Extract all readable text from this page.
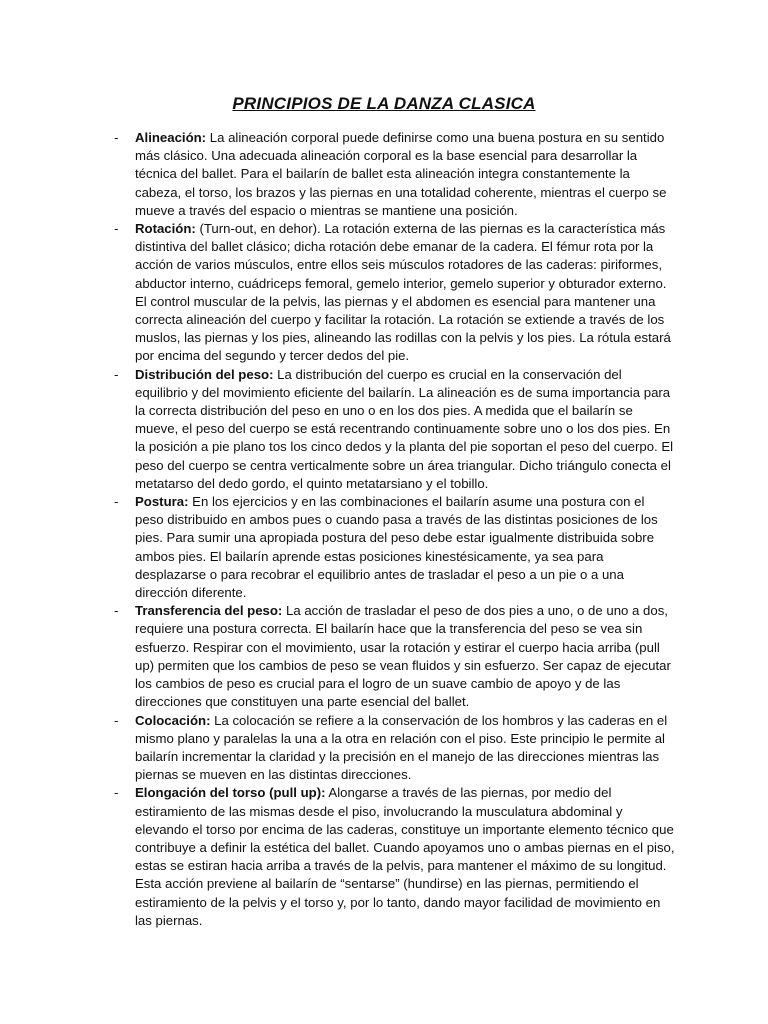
PRINCIPIOS DE LA DANZA CLASICA
- Alineación: La alineación corporal puede definirse como una buena postura en su sentido más clásico. Una adecuada alineación corporal es la base esencial para desarrollar la técnica del ballet. Para el bailarín de ballet esta alineación integra constantemente la cabeza, el torso, los brazos y las piernas en una totalidad coherente, mientras el cuerpo se mueve a través del espacio o mientras se mantiene una posición.
- Rotación: (Turn-out, en dehor). La rotación externa de las piernas es la característica más distintiva del ballet clásico; dicha rotación debe emanar de la cadera. El fémur rota por la acción de varios músculos, entre ellos seis músculos rotadores de las caderas: piriformes, abductor interno, cuádriceps femoral, gemelo interior, gemelo superior y obturador externo. El control muscular de la pelvis, las piernas y el abdomen es esencial para mantener una correcta alineación del cuerpo y facilitar la rotación. La rotación se extiende a través de los muslos, las piernas y los pies, alineando las rodillas con la pelvis y los pies. La rótula estará por encima del segundo y tercer dedos del pie.
- Distribución del peso: La distribución del cuerpo es crucial en la conservación del equilibrio y del movimiento eficiente del bailarín. La alineación es de suma importancia para la correcta distribución del peso en uno o en los dos pies. A medida que el bailarín se mueve, el peso del cuerpo se está recentrando continuamente sobre uno o los dos pies. En la posición a pie plano tos los cinco dedos y la planta del pie soportan el peso del cuerpo. El peso del cuerpo se centra verticalmente sobre un área triangular. Dicho triángulo conecta el metatarso del dedo gordo, el quinto metatarsiano y el tobillo.
- Postura: En los ejercicios y en las combinaciones el bailarín asume una postura con el peso distribuido en ambos pues o cuando pasa a través de las distintas posiciones de los pies. Para sumir una apropiada postura del peso debe estar igualmente distribuida sobre ambos pies. El bailarín aprende estas posiciones kinestésicamente, ya sea para desplazarse o para recobrar el equilibrio antes de trasladar el peso a un pie o a una dirección diferente.
- Transferencia del peso: La acción de trasladar el peso de dos pies a uno, o de uno a dos, requiere una postura correcta. El bailarín hace que la transferencia del peso se vea sin esfuerzo. Respirar con el movimiento, usar la rotación y estirar el cuerpo hacia arriba (pull up) permiten que los cambios de peso se vean fluidos y sin esfuerzo. Ser capaz de ejecutar los cambios de peso es crucial para el logro de un suave cambio de apoyo y de las direcciones que constituyen una parte esencial del ballet.
- Colocación: La colocación se refiere a la conservación de los hombros y las caderas en el mismo plano y paralelas la una a la otra en relación con el piso. Este principio le permite al bailarín incrementar la claridad y la precisión en el manejo de las direcciones mientras las piernas se mueven en las distintas direcciones.
- Elongación del torso (pull up): Alongarse a través de las piernas, por medio del estiramiento de las mismas desde el piso, involucrando la musculatura abdominal y elevando el torso por encima de las caderas, constituye un importante elemento técnico que contribuye a definir la estética del ballet. Cuando apoyamos uno o ambas piernas en el piso, estas se estiran hacia arriba a través de la pelvis, para mantener el máximo de su longitud. Esta acción previene al bailarín de “sentarse” (hundirse) en las piernas, permitiendo el estiramiento de la pelvis y el torso y, por lo tanto, dando mayor facilidad de movimiento en las piernas.
